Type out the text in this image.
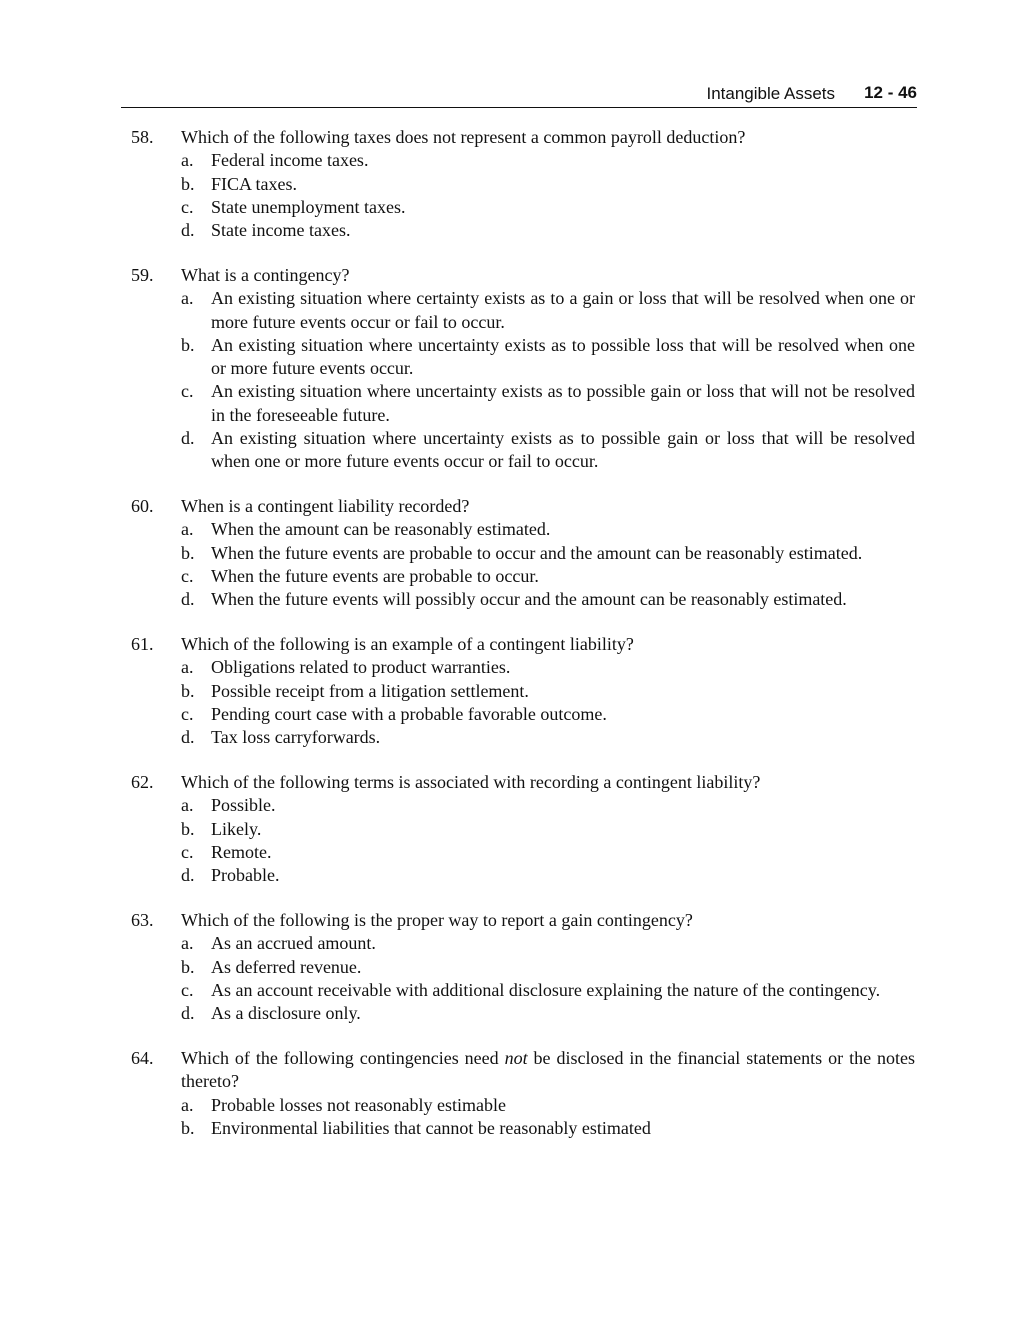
Intangible Assets 12 - 46
58. Which of the following taxes does not represent a common payroll deduction?
a. Federal income taxes.
b. FICA taxes.
c. State unemployment taxes.
d. State income taxes.
59. What is a contingency?
a. An existing situation where certainty exists as to a gain or loss that will be resolved when one or more future events occur or fail to occur.
b. An existing situation where uncertainty exists as to possible loss that will be resolved when one or more future events occur.
c. An existing situation where uncertainty exists as to possible gain or loss that will not be resolved in the foreseeable future.
d. An existing situation where uncertainty exists as to possible gain or loss that will be resolved when one or more future events occur or fail to occur.
60. When is a contingent liability recorded?
a. When the amount can be reasonably estimated.
b. When the future events are probable to occur and the amount can be reasonably estimated.
c. When the future events are probable to occur.
d. When the future events will possibly occur and the amount can be reasonably estimated.
61. Which of the following is an example of a contingent liability?
a. Obligations related to product warranties.
b. Possible receipt from a litigation settlement.
c. Pending court case with a probable favorable outcome.
d. Tax loss carryforwards.
62. Which of the following terms is associated with recording a contingent liability?
a. Possible.
b. Likely.
c. Remote.
d. Probable.
63. Which of the following is the proper way to report a gain contingency?
a. As an accrued amount.
b. As deferred revenue.
c. As an account receivable with additional disclosure explaining the nature of the contingency.
d. As a disclosure only.
64. Which of the following contingencies need not be disclosed in the financial statements or the notes thereto?
a. Probable losses not reasonably estimable
b. Environmental liabilities that cannot be reasonably estimated
